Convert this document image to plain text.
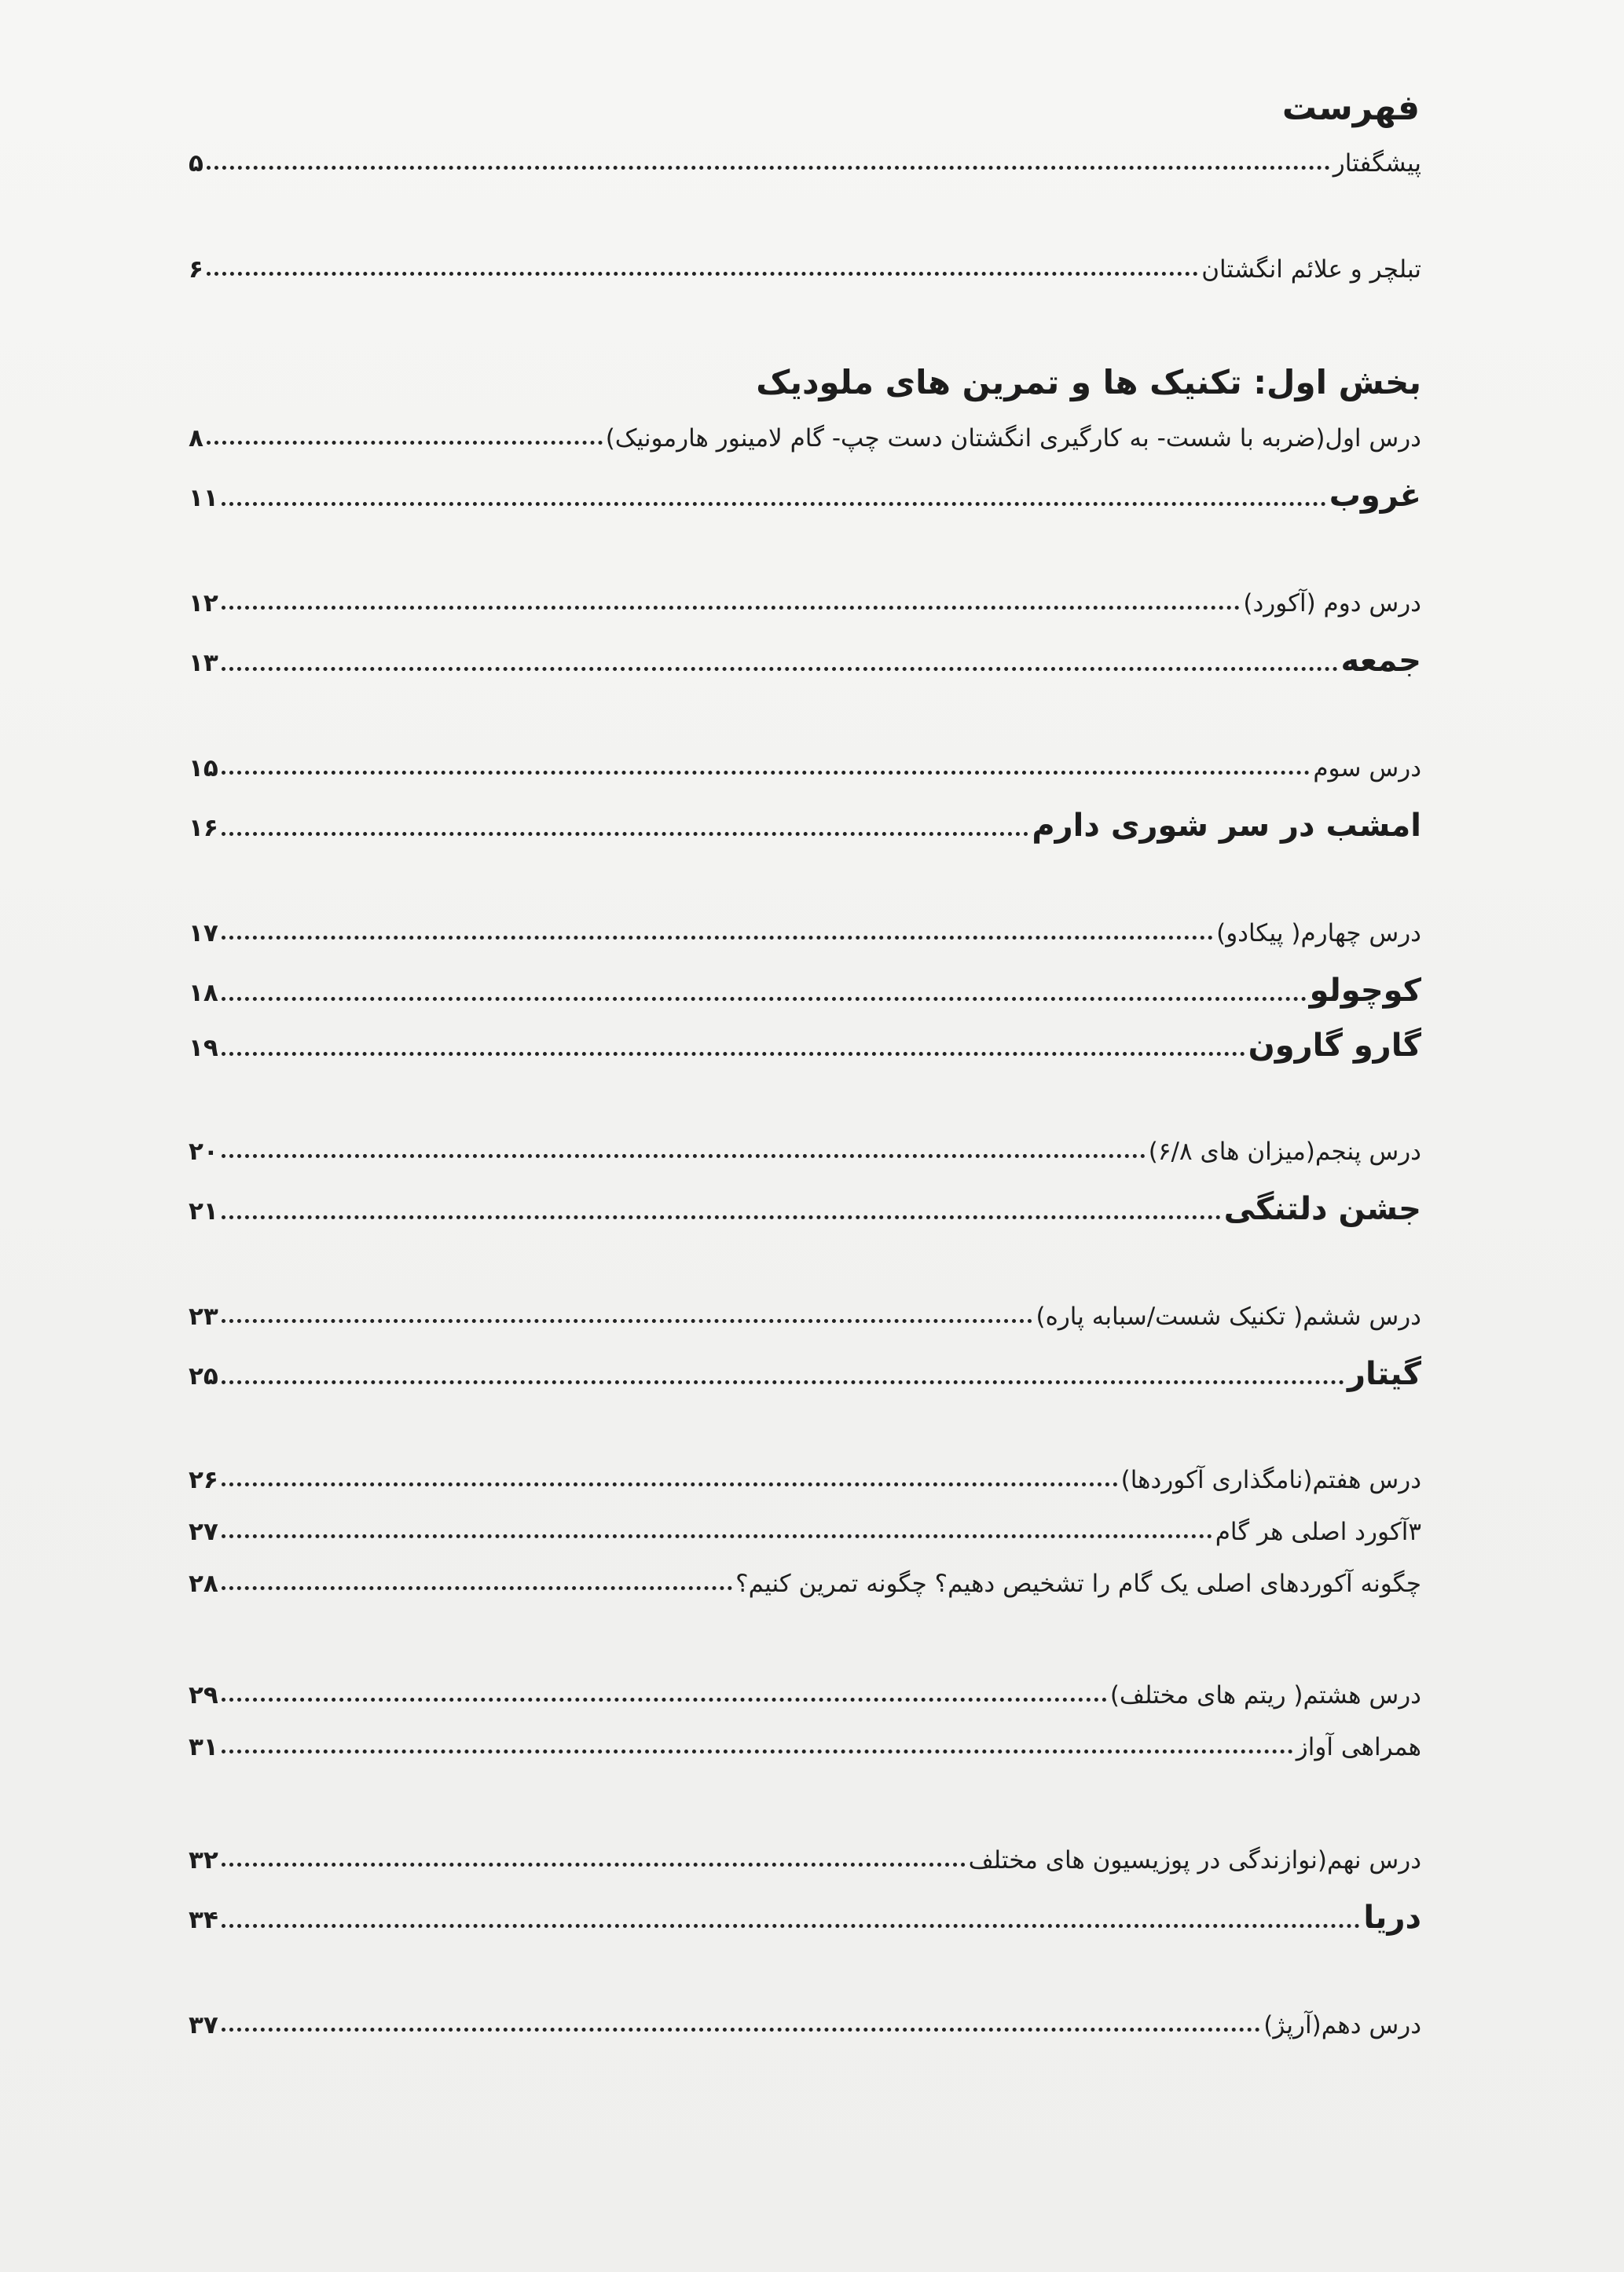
فهرست
پیشگفتار
۵
تبلچر و علائم انگشتان
۶
بخش اول: تکنیک ها و تمرین های ملودیک
درس اول(ضربه با شست- به کارگیری انگشتان دست چپ- گام لامینور هارمونیک)
۸
غروب
۱۱
درس دوم (آکورد)
۱۲
جمعه
۱۳
درس سوم
۱۵
امشب در سر شوری دارم
۱۶
درس چهارم( پیکادو)
۱۷
کوچولو
۱۸
گارو گارون
۱۹
درس پنجم(میزان های ۶/۸)
۲۰
جشن دلتنگی
۲۱
درس ششم( تکنیک شست/سبابه پاره)
۲۳
گیتار
۲۵
درس هفتم(نامگذاری آکوردها)
۲۶
۳آکورد اصلی هر گام
۲۷
چگونه آکوردهای اصلی یک گام را تشخیص دهیم؟ چگونه تمرین کنیم؟
۲۸
درس هشتم( ریتم های مختلف)
۲۹
همراهی آواز
۳۱
درس نهم(نوازندگی در پوزیسیون های مختلف
۳۲
دریا
۳۴
درس دهم(آرپژ)
۳۷
